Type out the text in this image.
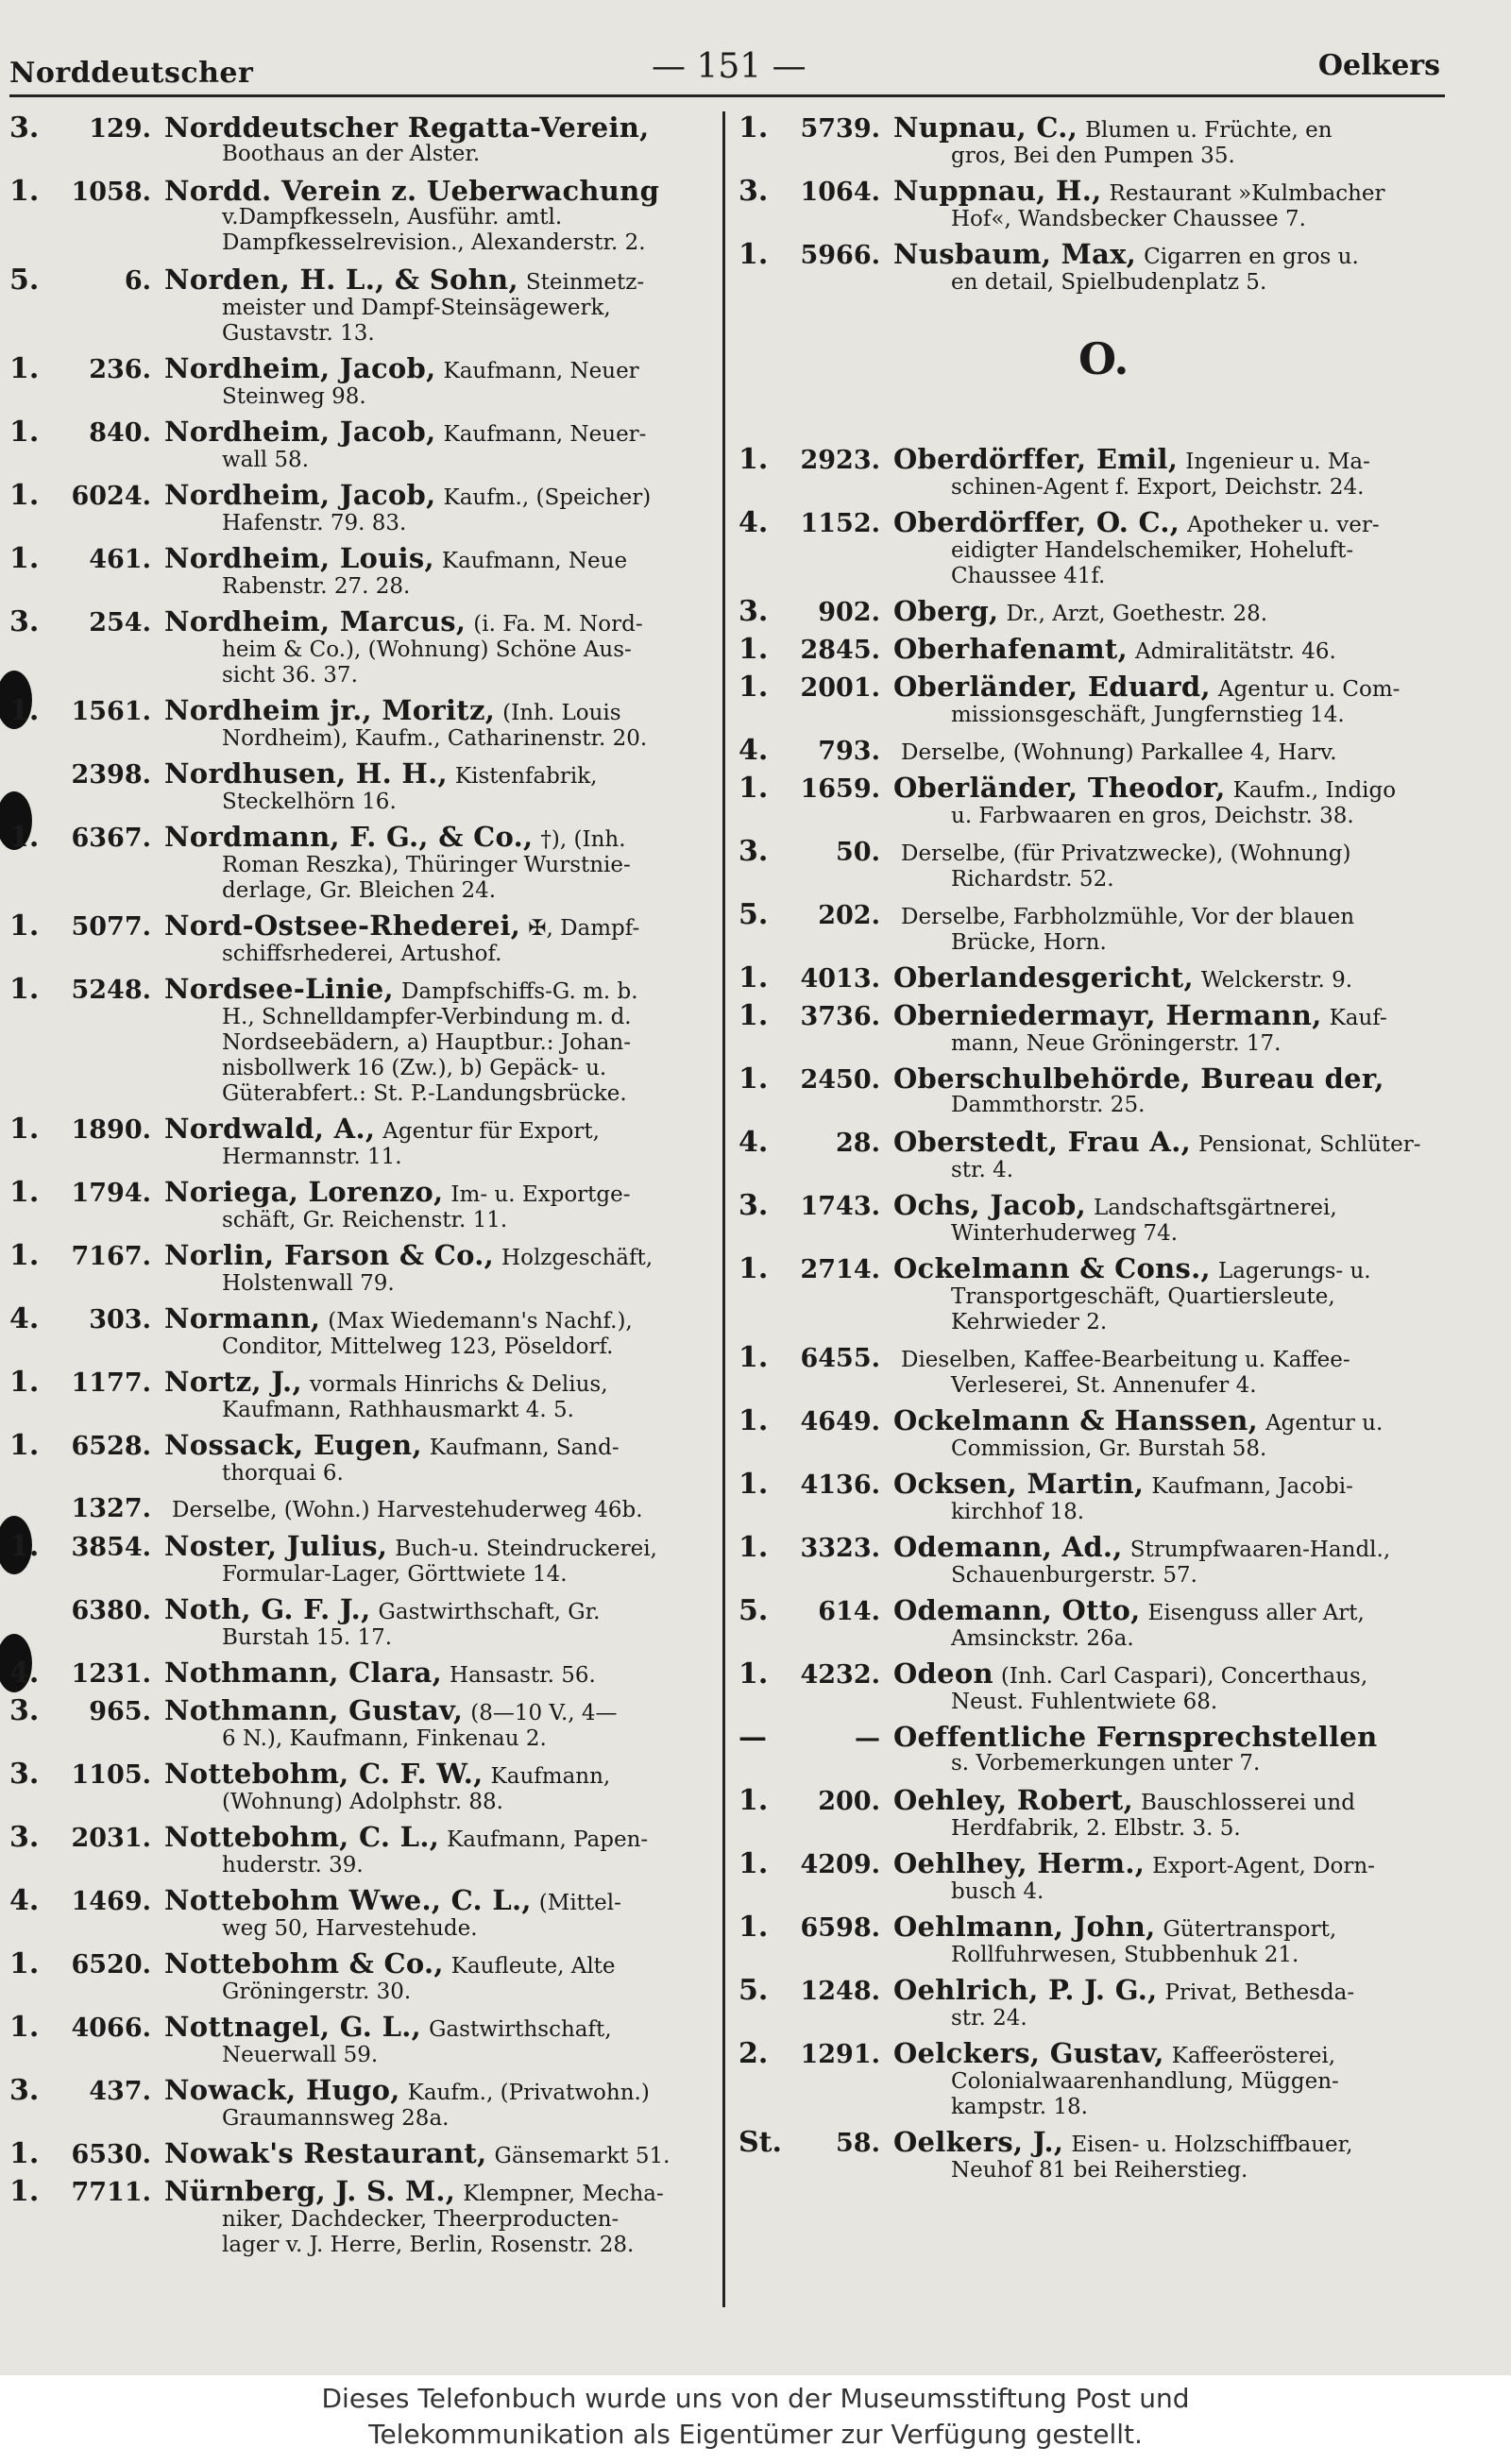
Norddeutscher	— 151 —	Oelkers
3.	129. Norddeutscher Regatta-Verein,
Boothaus an der Alster.
1.	1058. Nordd. Verein z. Ueberwachung
v.Dampfkesseln, Ausführ. amtl.
Dampfkesselrevision., Alexanderstr. 2.
5.	6. Norden, H. L., & Sohn, Steinmetz-
meister und Dampf-Steinsägewerk,
Gustavstr. 13.
1.	236. Nordheim, Jacob, Kaufmann, Neuer
Steinweg 98.
1.	840. Nordheim, Jacob, Kaufmann, Neuer-
wall 58.
1.	6024. Nordheim, Jacob, Kaufm., (Speicher)
Hafenstr. 79. 83.
1.	461. Nordheim, Louis, Kaufmann, Neue
Rabenstr. 27. 28.
3.	254. Nordheim, Marcus, (i. Fa. M. Nord-
heim & Co.), (Wohnung) Schöne Aus-
sicht 36. 37.
1.	1561. Nordheim jr., Moritz, (Inh. Louis
Nordheim), Kaufm., Catharinenstr. 20.
2398. Nordhusen, H. H., Kistenfabrik,
Steckelhörn 16.
1.	6367. Nordmann, F. G., & Co., †), (Inh.
Roman Reszka), Thüringer Wurstnie-
derlage, Gr. Bleichen 24.
1.	5077. Nord-Ostsee-Rhederei, ✠, Dampf-
schiffsrhederei, Artushof.
1.	5248. Nordsee-Linie, Dampfschiffs-G. m. b.
H., Schnelldampfer-Verbindung m. d.
Nordseebädern, a) Hauptbur.: Johan-
nisbollwerk 16 (Zw.), b) Gepäck- u.
Güterabfert.: St. P.-Landungsbrücke.
1.	1890. Nordwald, A., Agentur für Export,
Hermannstr. 11.
1.	1794. Noriega, Lorenzo, Im- u. Exportge-
schäft, Gr. Reichenstr. 11.
1.	7167. Norlin, Farson & Co., Holzgeschäft,
Holstenwall 79.
4.	303. Normann, (Max Wiedemann's Nachf.),
Conditor, Mittelweg 123, Pöseldorf.
1.	1177. Nortz, J., vormals Hinrichs & Delius,
Kaufmann, Rathhausmarkt 4. 5.
1.	6528. Nossack, Eugen, Kaufmann, Sand-
thorquai 6.
1327. Derselbe, (Wohn.) Harvestehuderweg 46b.
1.	3854. Noster, Julius, Buch-u. Steindruckerei,
Formular-Lager, Görttwiete 14.
6380. Noth, G. F. J., Gastwirthschaft, Gr.
Burstah 15. 17.
4.	1231. Nothmann, Clara, Hansastr. 56.
3.	965. Nothmann, Gustav, (8—10 V., 4—
6 N.), Kaufmann, Finkenau 2.
3.	1105. Nottebohm, C. F. W., Kaufmann,
(Wohnung) Adolphstr. 88.
3.	2031. Nottebohm, C. L., Kaufmann, Papen-
huderstr. 39.
4.	1469. Nottebohm Wwe., C. L., (Mittel-
weg 50, Harvestehude.
1.	6520. Nottebohm & Co., Kaufleute, Alte
Gröningerstr. 30.
1.	4066. Nottnagel, G. L., Gastwirthschaft,
Neuerwall 59.
3.	437. Nowack, Hugo, Kaufm., (Privatwohn.)
Graumannsweg 28a.
1.	6530. Nowak's Restaurant, Gänsemarkt 51.
1.	7711. Nürnberg, J. S. M., Klempner, Mecha-
niker, Dachdecker, Theerproducten-
lager v. J. Herre, Berlin, Rosenstr. 28.
1.	5739. Nupnau, C., Blumen u. Früchte, en
gros, Bei den Pumpen 35.
3.	1064. Nuppnau, H., Restaurant »Kulmbacher
Hof«, Wandsbecker Chaussee 7.
1.	5966. Nusbaum, Max, Cigarren en gros u.
en detail, Spielbudenplatz 5.
O.
1.	2923. Oberdörffer, Emil, Ingenieur u. Ma-
schinen-Agent f. Export, Deichstr. 24.
4.	1152. Oberdörffer, O. C., Apotheker u. ver-
eidigter Handelschemiker, Hoheluft-
Chaussee 41f.
3.	902. Oberg, Dr., Arzt, Goethestr. 28.
1.	2845. Oberhafenamt, Admiralitätstr. 46.
1.	2001. Oberländer, Eduard, Agentur u. Com-
missionsgeschäft, Jungfernstieg 14.
4.	793. Derselbe, (Wohnung) Parkallee 4, Harv.
1.	1659. Oberländer, Theodor, Kaufm., Indigo
u. Farbwaaren en gros, Deichstr. 38.
3.	50. Derselbe, (für Privatzwecke), (Wohnung)
Richardstr. 52.
5.	202. Derselbe, Farbholzmühle, Vor der blauen
Brücke, Horn.
1.	4013. Oberlandesgericht, Welckerstr. 9.
1.	3736. Oberniedermayr, Hermann, Kauf-
mann, Neue Gröningerstr. 17.
1.	2450. Oberschulbehörde, Bureau der,
Dammthorstr. 25.
4.	28. Oberstedt, Frau A., Pensionat, Schlüter-
str. 4.
3.	1743. Ochs, Jacob, Landschaftsgärtnerei,
Winterhuderweg 74.
1.	2714. Ockelmann & Cons., Lagerungs- u.
Transportgeschäft, Quartiersleute,
Kehrwieder 2.
1.	6455. Dieselben, Kaffee-Bearbeitung u. Kaffee-
Verleserei, St. Annenufer 4.
1.	4649. Ockelmann & Hanssen, Agentur u.
Commission, Gr. Burstah 58.
1.	4136. Ocksen, Martin, Kaufmann, Jacobi-
kirchhof 18.
1.	3323. Odemann, Ad., Strumpfwaaren-Handl.,
Schauenburgerstr. 57.
5.	614. Odemann, Otto, Eisenguss aller Art,
Amsinckstr. 26a.
1.	4232. Odeon (Inh. Carl Caspari), Concerthaus,
Neust. Fuhlentwiete 68.
—	— Oeffentliche Fernsprechstellen
s. Vorbemerkungen unter 7.
1.	200. Oehley, Robert, Bauschlosserei und
Herdfabrik, 2. Elbstr. 3. 5.
1.	4209. Oehlhey, Herm., Export-Agent, Dorn-
busch 4.
1.	6598. Oehlmann, John, Gütertransport,
Rollfuhrwesen, Stubbenhuk 21.
5.	1248. Oehlrich, P. J. G., Privat, Bethesda-
str. 24.
2.	1291. Oelckers, Gustav, Kaffeerösterei,
Colonialwaarenhandlung, Müggen-
kampstr. 18.
St.	58. Oelkers, J., Eisen- u. Holzschiffbauer,
Neuhof 81 bei Reiherstieg.
Dieses Telefonbuch wurde uns von der Museumsstiftung Post und
Telekommunikation als Eigentümer zur Verfügung gestellt.
